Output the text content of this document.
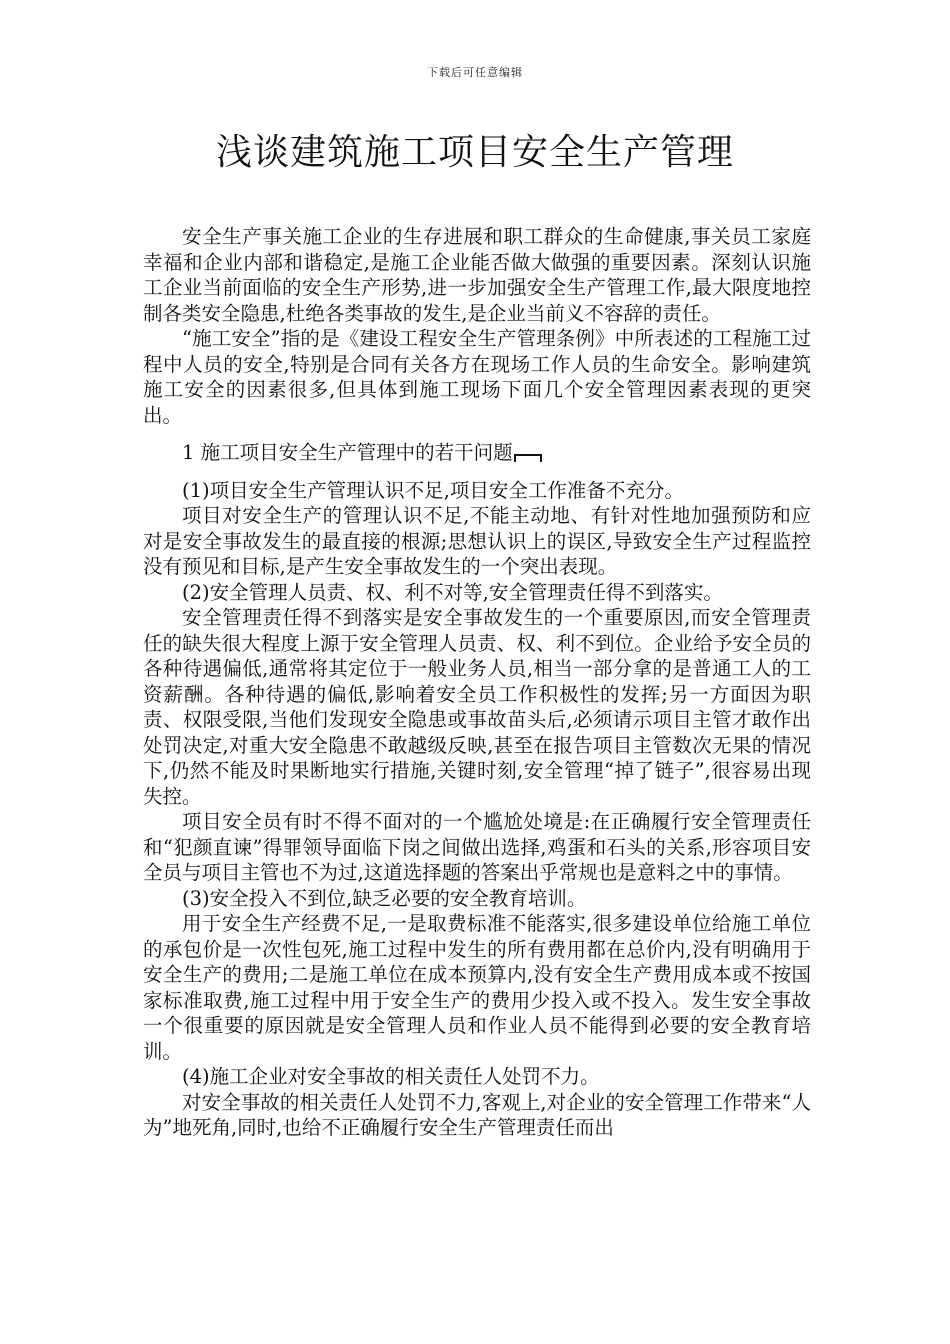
下载后可任意编辑
浅谈建筑施工项目安全生产管理

安全生产事关施工企业的生存进展和职工群众的生命健康,事关员工家庭幸福和企业内部和谐稳定,是施工企业能否做大做强的重要因素。深刻认识施工企业当前面临的安全生产形势,进一步加强安全生产管理工作,最大限度地控制各类安全隐患,杜绝各类事故的发生,是企业当前义不容辞的责任。

“施工安全”指的是《建设工程安全生产管理条例》中所表述的工程施工过程中人员的安全,特别是合同有关各方在现场工作人员的生命安全。影响建筑施工安全的因素很多,但具体到施工现场下面几个安全管理因素表现的更突出。

1 施工项目安全生产管理中的若干问题

(1)项目安全生产管理认识不足,项目安全工作准备不充分。

项目对安全生产的管理认识不足,不能主动地、有针对性地加强预防和应对是安全事故发生的最直接的根源;思想认识上的误区,导致安全生产过程监控没有预见和目标,是产生安全事故发生的一个突出表现。

(2)安全管理人员责、权、利不对等,安全管理责任得不到落实。

安全管理责任得不到落实是安全事故发生的一个重要原因,而安全管理责任的缺失很大程度上源于安全管理人员责、权、利不到位。企业给予安全员的各种待遇偏低,通常将其定位于一般业务人员,相当一部分拿的是普通工人的工资薪酬。各种待遇的偏低,影响着安全员工作积极性的发挥;另一方面因为职责、权限受限,当他们发现安全隐患或事故苗头后,必须请示项目主管才敢作出处罚决定,对重大安全隐患不敢越级反映,甚至在报告项目主管数次无果的情况下,仍然不能及时果断地实行措施,关键时刻,安全管理“掉了链子”,很容易出现失控。

项目安全员有时不得不面对的一个尴尬处境是:在正确履行安全管理责任和“犯颜直谏”得罪领导面临下岗之间做出选择,鸡蛋和石头的关系,形容项目安全员与项目主管也不为过,这道选择题的答案出乎常规也是意料之中的事情。

(3)安全投入不到位,缺乏必要的安全教育培训。

用于安全生产经费不足,一是取费标准不能落实,很多建设单位给施工单位的承包价是一次性包死,施工过程中发生的所有费用都在总价内,没有明确用于安全生产的费用;二是施工单位在成本预算内,没有安全生产费用成本或不按国家标准取费,施工过程中用于安全生产的费用少投入或不投入。发生安全事故一个很重要的原因就是安全管理人员和作业人员不能得到必要的安全教育培训。

(4)施工企业对安全事故的相关责任人处罚不力。

对安全事故的相关责任人处罚不力,客观上,对企业的安全管理工作带来“人为”地死角,同时,也给不正确履行安全生产管理责任而出
